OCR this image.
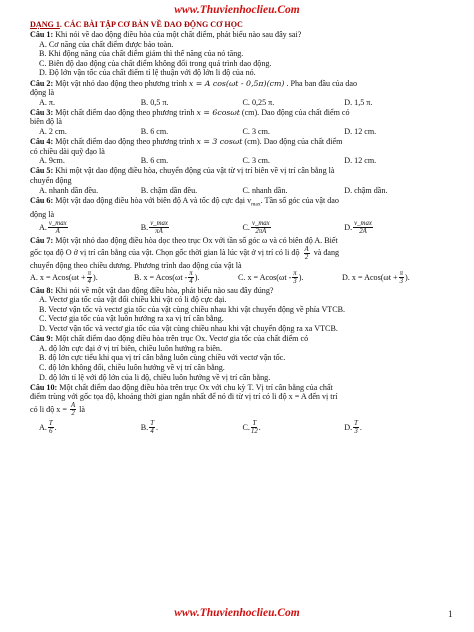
www.Thuvienhoclieu.Com
DẠNG 1. CÁC BÀI TẬP CƠ BẢN VỀ DAO ĐỘNG CƠ HỌC
Câu 1: Khi nói về dao động điều hòa của một chất điểm, phát biểu nào sau đây sai?
A. Cơ năng của chất điểm được bảo toàn.
B. Khi động năng của chất điểm giảm thì thế năng của nó tăng.
C. Biên độ dao động của chất điểm không đổi trong quá trình dao động.
D. Độ lớn vận tốc của chất điểm tỉ lệ thuận với độ lớn li độ của nó.
Câu 2:
Một vật nhỏ dao động theo phương trình x = A cos(ωt - 0,5π)(cm) . Pha ban đầu của dao
động là
A. π.	B. 0,5 π.	C. 0,25 π.	D. 1,5 π.
Câu 3:
Một chất điểm dao động theo phương trình x = 6cosωt (cm). Dao động của chất điểm có
biên độ là
A. 2 cm.	B. 6 cm.	C. 3 cm.	D. 12 cm.
Câu 4:
Một chất điểm dao động theo phương trình x = 3 cosωt (cm). Dao động của chất điểm
có chiều dài quỹ đạo là
A. 9cm.	B. 6 cm.	C. 3 cm.	D. 12 cm.
Câu 5: Khi một vật dao động điều hòa, chuyển động của vật từ vị trí biên về vị trí cân bằng là
chuyển động
A. nhanh dần đều.	B. chậm dần đều.	C. nhanh dần.	D. chậm dần.
Câu 6: Một vật dao động điều hòa với biên độ A và tốc độ cực đại $v_{max}$. Tần số góc của vật dao
động là
A. $\frac{v\_\max}{A}$	B. $\frac{v\_\max}{\pi A}$	C. $\frac{v\_\max}{2\pi A}$	D. $\frac{v\_\max}{2A}$
Câu 7: Một vật nhỏ dao động điều hòa dọc theo trục Ox với tần số góc ω và có biên độ A. Biết
gốc tọa độ O ở vị trí cân bằng của vật. Chọn gốc thời gian là lúc vật ở vị trí có li độ $\frac{A}{2}$ và đang
chuyển động theo chiều dương. Phương trình dao động của vật là
A. $x = Acos(\omega t + \frac{\pi}{4}$ ).	B. $x = Acos(\omega t - \frac{\pi}{4}$ ).	C. $x = Acos(\omega t - \frac{\pi}{3}$ ).	D. $x = Acos(\omega t + \frac{\pi}{3}$ ).
Câu 8: Khi nói về một vật dao động điều hòa, phát biểu nào sau đây đúng?
A. Vectơ gia tốc của vật đổi chiều khi vật có li độ cực đại.
B. Vectơ vận tốc và vectơ gia tốc của vật cùng chiều nhau khi vật chuyển động về phía VTCB.
C. Vectơ gia tốc của vật luôn hướng ra xa vị trí cân bằng.
D. Vectơ vận tốc và vectơ gia tốc của vật cùng chiều nhau khi vật chuyển động ra xa VTCB.
Câu 9: Một chất điểm dao động điều hòa trên trục Ox. Vectơ gia tốc của chất điểm có
A. độ lớn cực đại ở vị trí biên, chiều luôn hướng ra biên.
B. độ lớn cực tiểu khi qua vị trí cân bằng luôn cùng chiều với vectơ vận tốc.
C. độ lớn không đổi, chiều luôn hướng về vị trí cân bằng.
D. độ lớn tỉ lệ với độ lớn của li độ, chiều luôn hướng về vị trí cân bằng.
Câu 10: Một chất điểm dao động điều hòa trên trục Ox với chu kỳ T. Vị trí cân bằng của chất
điểm trùng với gốc tọa độ, khoảng thời gian ngắn nhất để nó đi từ vị trí có li độ x = A đến vị trí
có li độ $x = \frac{A}{2}$ là
A. $\frac{T}{6}$ .	B. $\frac{T}{4}$ .	C. $\frac{T}{12}$ .	D. $\frac{T}{3}$ .
www.Thuvienhoclieu.Com	1
